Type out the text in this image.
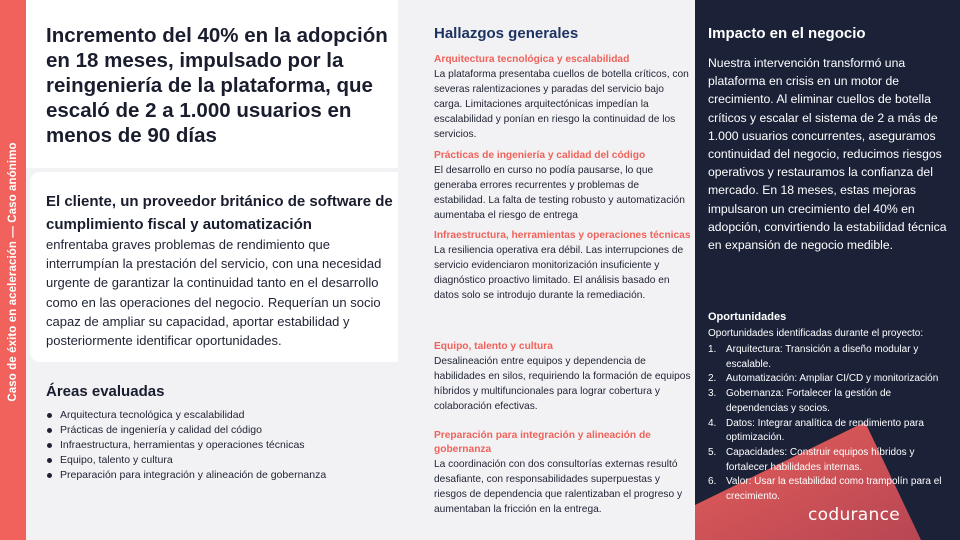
Caso de éxito en aceleración — Caso anónimo
Incremento del 40% en la adopción en 18 meses, impulsado por la reingeniería de la plataforma, que escaló de 2 a 1.000 usuarios en menos de 90 días
El cliente, un proveedor británico de software de cumplimiento fiscal y automatización
enfrentaba graves problemas de rendimiento que interrumpían la prestación del servicio, con una necesidad urgente de garantizar la continuidad tanto en el desarrollo como en las operaciones del negocio. Requerían un socio capaz de ampliar su capacidad, aportar estabilidad y posteriormente identificar oportunidades.
Áreas evaluadas
Arquitectura tecnológica y escalabilidad
Prácticas de ingeniería y calidad del código
Infraestructura, herramientas y operaciones técnicas
Equipo, talento y cultura
Preparación para integración y alineación de gobernanza
Hallazgos generales
Arquitectura tecnológica y escalabilidad
La plataforma presentaba cuellos de botella críticos, con severas ralentizaciones y paradas del servicio bajo carga. Limitaciones arquitectónicas impedían la escalabilidad y ponían en riesgo la continuidad de los servicios.
Prácticas de ingeniería y calidad del código
El desarrollo en curso no podía pausarse, lo que generaba errores recurrentes y problemas de estabilidad. La falta de testing robusto y automatización aumentaba el riesgo de entrega
Infraestructura, herramientas y operaciones técnicas
La resiliencia operativa era débil. Las interrupciones de servicio evidenciaron monitorización insuficiente y diagnóstico proactivo limitado. El análisis basado en datos solo se introdujo durante la remediación.
Equipo, talento y cultura
Desalineación entre equipos y dependencia de habilidades en silos, requiriendo la formación de equipos híbridos y multifuncionales para lograr cobertura y colaboración efectivas.
Preparación para integración y alineación de gobernanza
La coordinación con dos consultorías externas resultó desafiante, con responsabilidades superpuestas y riesgos de dependencia que ralentizaban el progreso y aumentaban la fricción en la entrega.
Impacto en el negocio
Nuestra intervención transformó una plataforma en crisis en un motor de crecimiento. Al eliminar cuellos de botella críticos y escalar el sistema de 2 a más de 1.000 usuarios concurrentes, aseguramos continuidad del negocio, reducimos riesgos operativos y restauramos la confianza del mercado. En 18 meses, estas mejoras impulsaron un crecimiento del 40% en adopción, convirtiendo la estabilidad técnica en expansión de negocio medible.
Oportunidades
Oportunidades identificadas durante el proyecto:
1. Arquitectura: Transición a diseño modular y escalable.
2. Automatización: Ampliar CI/CD y monitorización
3. Gobernanza: Fortalecer la gestión de dependencias y socios.
4. Datos: Integrar analítica de rendimiento para optimización.
5. Capacidades: Construir equipos híbridos y fortalecer habilidades internas.
6. Valor: Usar la estabilidad como trampolín para el crecimiento.
codurance
